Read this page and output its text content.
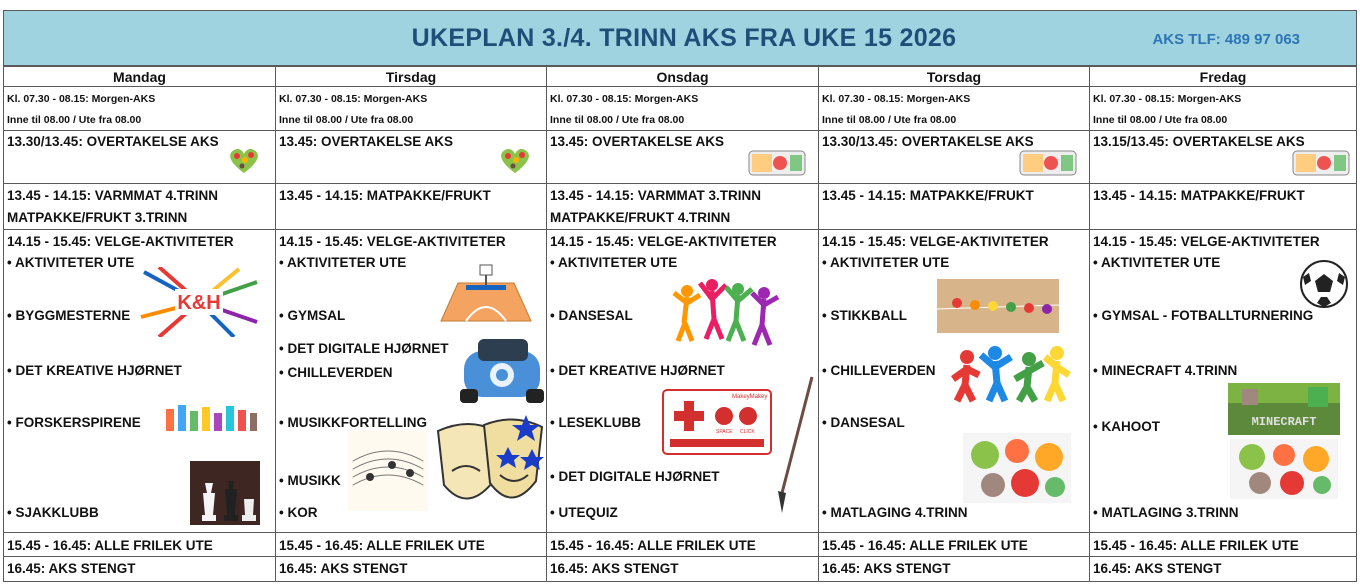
UKEPLAN 3./4. TRINN AKS FRA UKE 15 2026	AKS TLF: 489 97 063
Mandag
Kl. 07.30 - 08.15: Morgen-AKS
Inne til 08.00 / Ute fra 08.00
13.30/13.45: OVERTAKELSE AKS
13.45 - 14.15: VARMMAT 4.TRINN
MATPAKKE/FRUKT 3.TRINN
14.15 - 15.45: VELGE-AKTIVITETER
• AKTIVITETER UTE
• BYGGMESTERNE
• DET KREATIVE HJØRNET
• FORSKERSPIRENE
• SJAKKLUBB
K&H
15.45 - 16.45: ALLE FRILEK UTE
16.45: AKS STENGT
Tirsdag
Kl. 07.30 - 08.15: Morgen-AKS
Inne til 08.00 / Ute fra 08.00
13.45: OVERTAKELSE AKS
13.45 - 14.15: MATPAKKE/FRUKT
14.15 - 15.45: VELGE-AKTIVITETER
• AKTIVITETER UTE
• GYMSAL
• DET DIGITALE HJØRNET
• CHILLEVERDEN
• MUSIKKFORTELLING
• MUSIKK
• KOR
15.45 - 16.45: ALLE FRILEK UTE
16.45: AKS STENGT
Onsdag
Kl. 07.30 - 08.15: Morgen-AKS
Inne til 08.00 / Ute fra 08.00
13.45: OVERTAKELSE AKS
13.45 - 14.15: VARMMAT 3.TRINN
MATPAKKE/FRUKT 4.TRINN
14.15 - 15.45: VELGE-AKTIVITETER
• AKTIVITETER UTE
• DANSESAL
• DET KREATIVE HJØRNET
• LESEKLUBB
• DET DIGITALE HJØRNET
• UTEQUIZ
MakeyMakey
SPACE CLICK
15.45 - 16.45: ALLE FRILEK UTE
16.45: AKS STENGT
Torsdag
Kl. 07.30 - 08.15: Morgen-AKS
Inne til 08.00 / Ute fra 08.00
13.30/13.45: OVERTAKELSE AKS
13.45 - 14.15: MATPAKKE/FRUKT
14.15 - 15.45: VELGE-AKTIVITETER
• AKTIVITETER UTE
• STIKKBALL
• CHILLEVERDEN
• DANSESAL
• MATLAGING 4.TRINN
15.45 - 16.45: ALLE FRILEK UTE
16.45: AKS STENGT
Fredag
Kl. 07.30 - 08.15: Morgen-AKS
Inne til 08.00 / Ute fra 08.00
13.15/13.45: OVERTAKELSE AKS
13.45 - 14.15: MATPAKKE/FRUKT
14.15 - 15.45: VELGE-AKTIVITETER
• AKTIVITETER UTE
• GYMSAL - FOTBALLTURNERING
• MINECRAFT 4.TRINN
• KAHOOT
• MATLAGING 3.TRINN
MINECRAFT
15.45 - 16.45: ALLE FRILEK UTE
16.45: AKS STENGT
